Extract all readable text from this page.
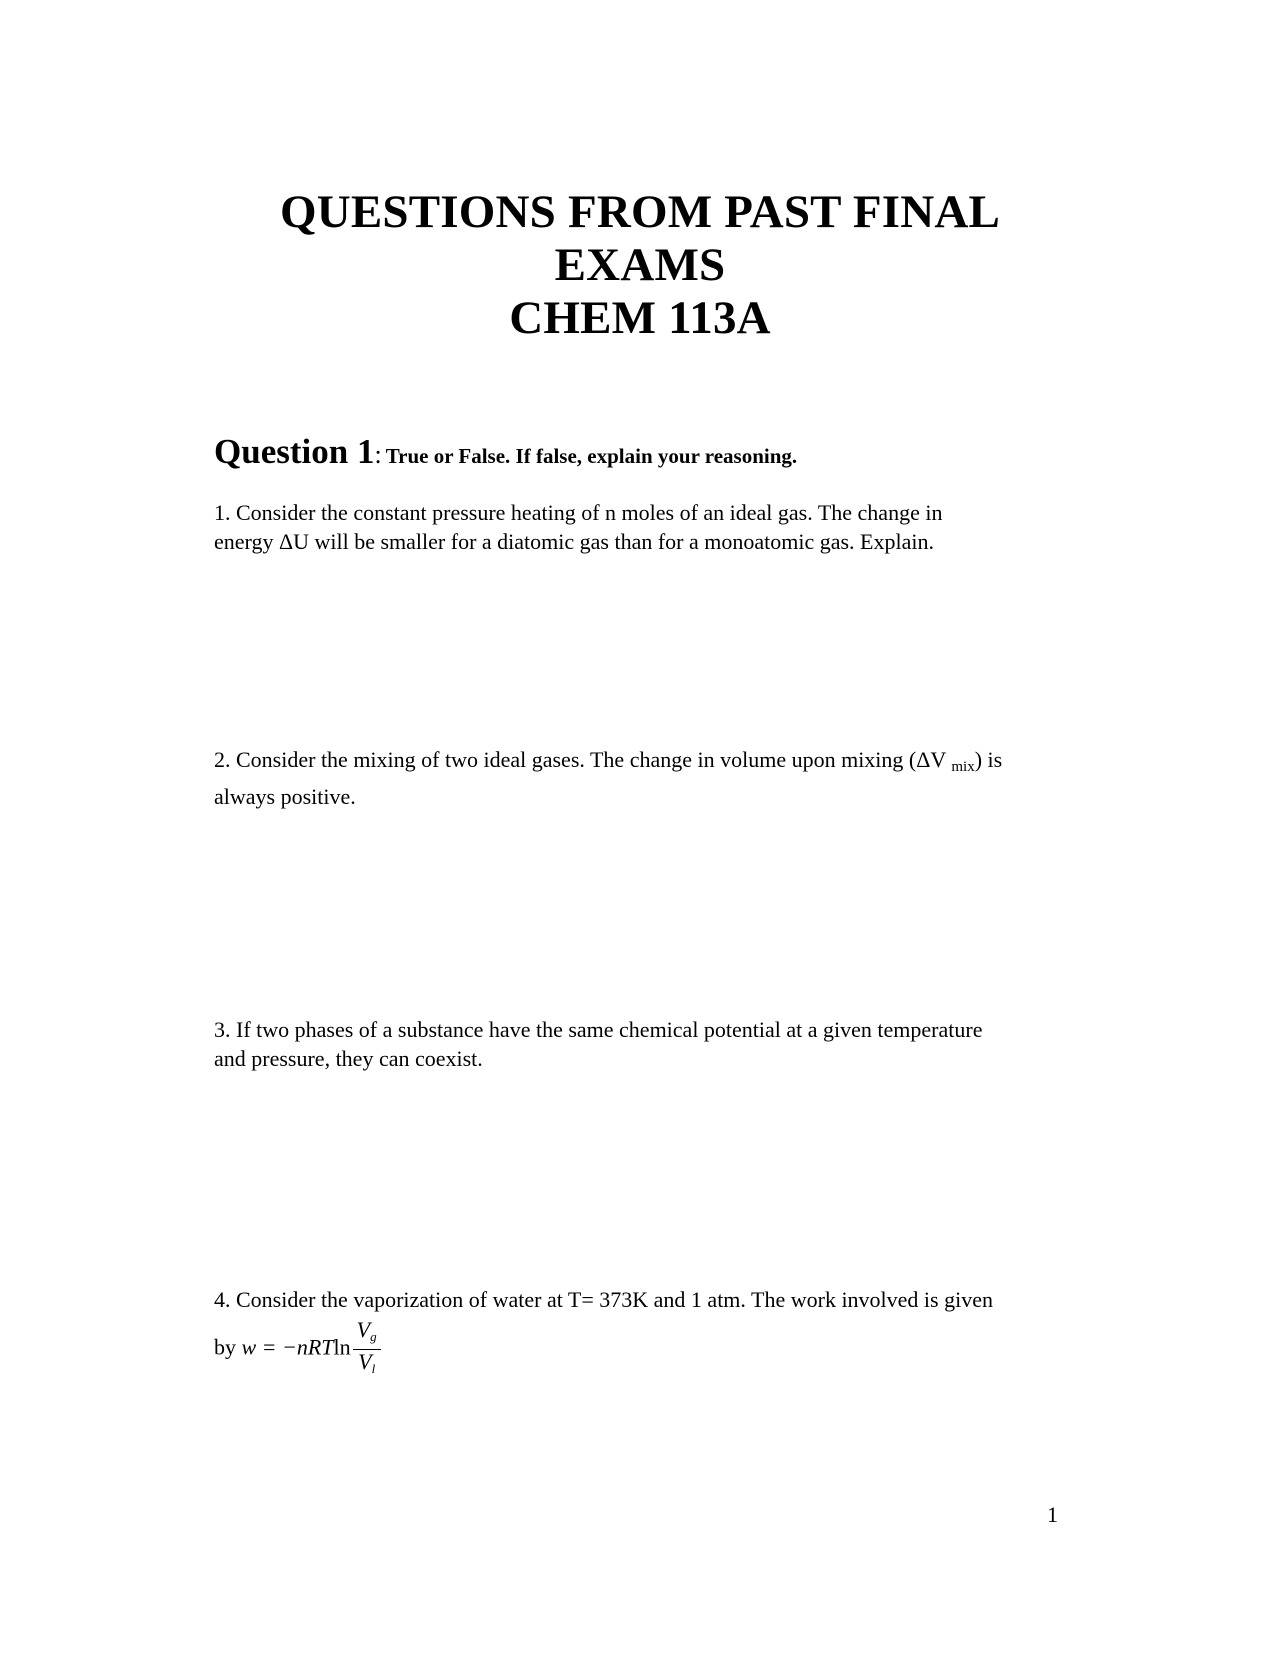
QUESTIONS FROM PAST FINAL
EXAMS
CHEM 113A
Question 1: True or False. If false, explain your reasoning.

1. Consider the constant pressure heating of n moles of an ideal gas. The change in

energy ΔU will be smaller for a diatomic gas than for a monoatomic gas. Explain.

2. Consider the mixing of two ideal gases. The change in volume upon mixing (ΔV $_{mix}$) is

always positive.

3. If two phases of a substance have the same chemical potential at a given temperature

and pressure, they can coexist.

4. Consider the vaporization of water at T= 373K and 1 atm. The work involved is given

by $w = -nRTln \frac{Vg}{Vl}$

1
